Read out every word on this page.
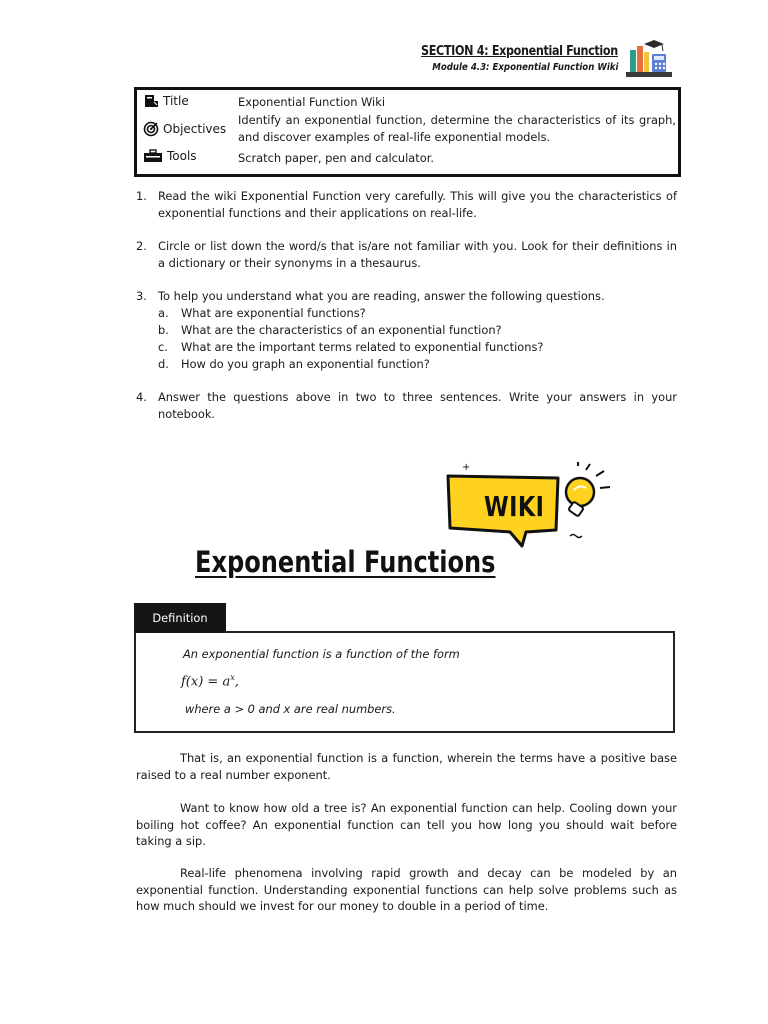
SECTION 4: Exponential Function
Module 4.3: Exponential Function Wiki
Title	Exponential Function Wiki
Objectives
Identify an exponential function, determine the characteristics of its graph, and discover examples of real-life exponential models.
Tools	Scratch paper, pen and calculator.
1. Read the wiki Exponential Function very carefully. This will give you the characteristics of exponential functions and their applications on real-life.
2. Circle or list down the word/s that is/are not familiar with you. Look for their definitions in a dictionary or their synonyms in a thesaurus.
3. To help you understand what you are reading, answer the following questions.
a. What are exponential functions?
b. What are the characteristics of an exponential function?
c. What are the important terms related to exponential functions?
d. How do you graph an exponential function?
4. Answer the questions above in two to three sentences. Write your answers in your notebook.
+
WIKI
Exponential Functions
An exponential function is a function of the form
$f(x) = a^x$,
where a > 0 and x are real numbers.
Definition
That is, an exponential function is a function, wherein the terms have a positive base raised to a real number exponent.
Want to know how old a tree is? An exponential function can help. Cooling down your boiling hot coffee? An exponential function can tell you how long you should wait before taking a sip.
Real-life phenomena involving rapid growth and decay can be modeled by an exponential function. Understanding exponential functions can help solve problems such as how much should we invest for our money to double in a period of time.
